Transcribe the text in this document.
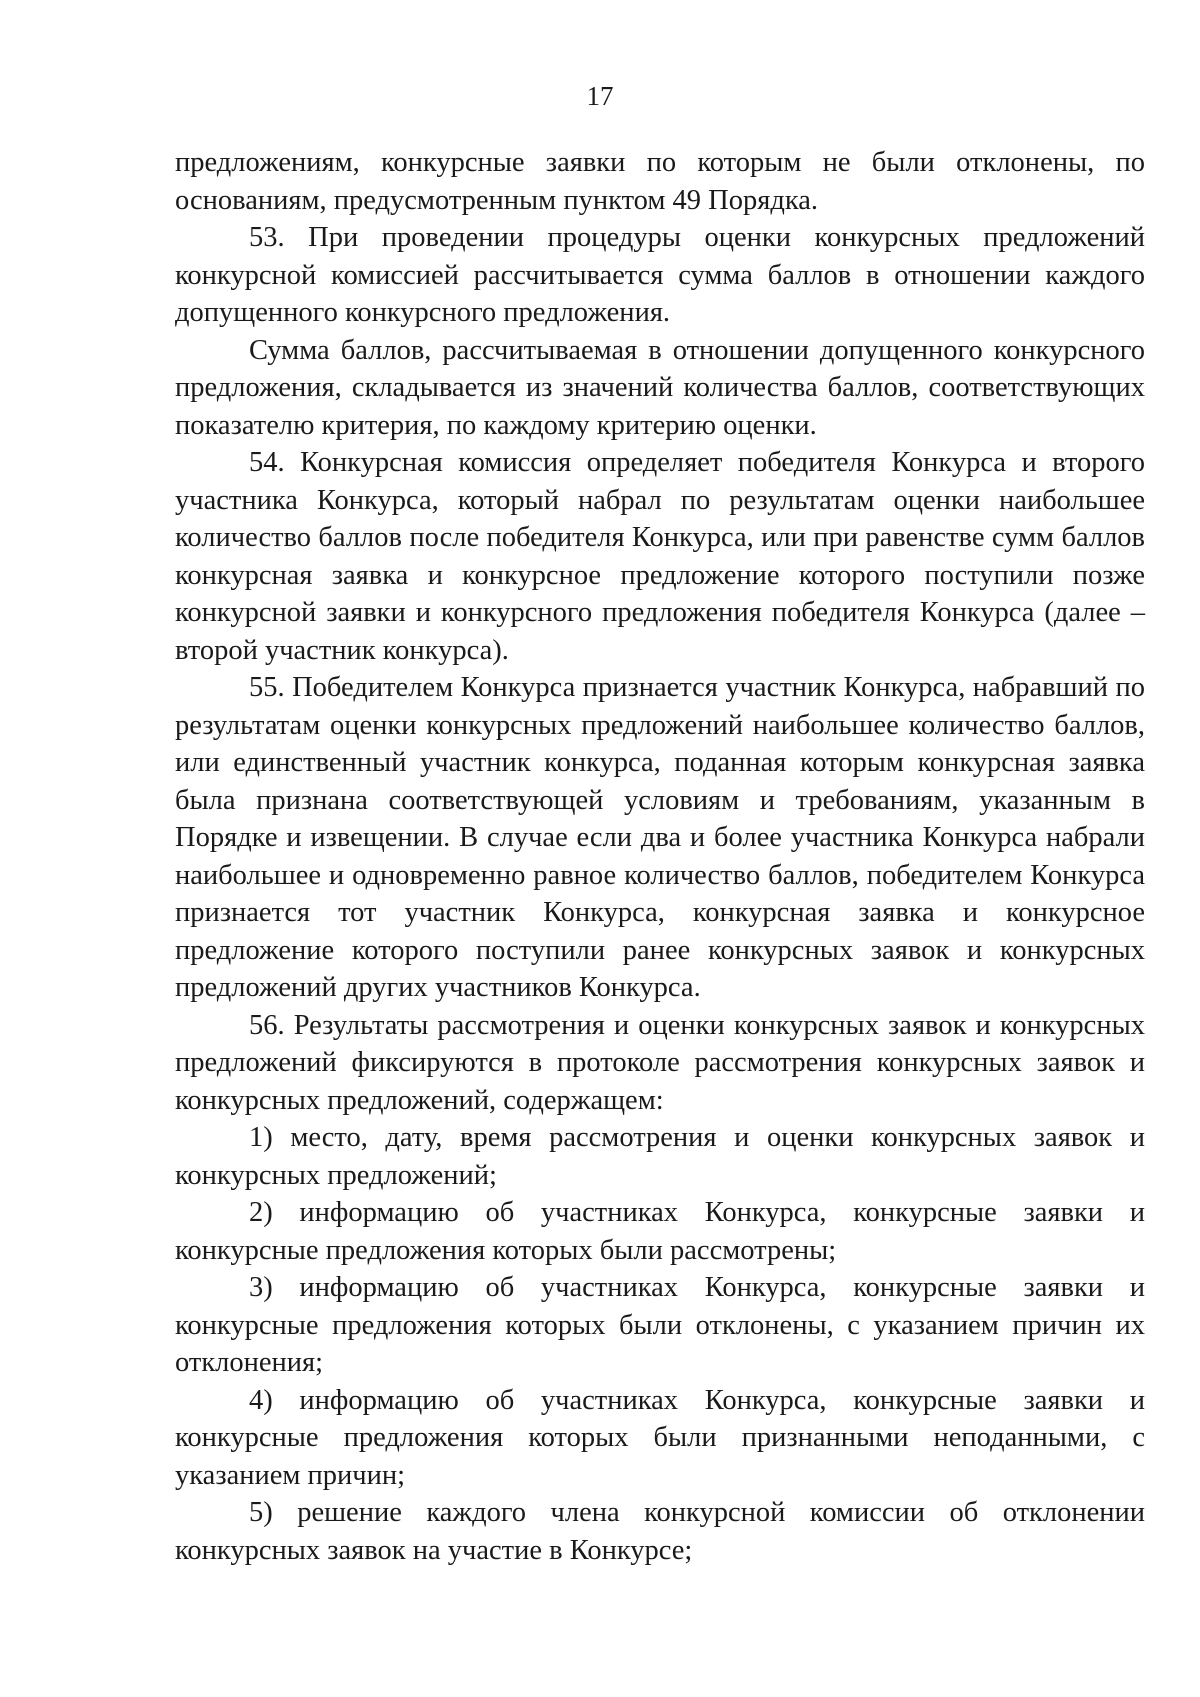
17

предложениям, конкурсные заявки по которым не были отклонены, по основаниям, предусмотренным пунктом 49 Порядка.

53. При проведении процедуры оценки конкурсных предложений конкурсной комиссией рассчитывается сумма баллов в отношении каждого допущенного конкурсного предложения.

Сумма баллов, рассчитываемая в отношении допущенного конкурсного предложения, складывается из значений количества баллов, соответствующих показателю критерия, по каждому критерию оценки.

54. Конкурсная комиссия определяет победителя Конкурса и второго участника Конкурса, который набрал по результатам оценки наибольшее количество баллов после победителя Конкурса, или при равенстве сумм баллов конкурсная заявка и конкурсное предложение которого поступили позже конкурсной заявки и конкурсного предложения победителя Конкурса (далее – второй участник конкурса).

55. Победителем Конкурса признается участник Конкурса, набравший по результатам оценки конкурсных предложений наибольшее количество баллов, или единственный участник конкурса, поданная которым конкурсная заявка была признана соответствующей условиям и требованиям, указанным в Порядке и извещении. В случае если два и более участника Конкурса набрали наибольшее и одновременно равное количество баллов, победителем Конкурса признается тот участник Конкурса, конкурсная заявка и конкурсное предложение которого поступили ранее конкурсных заявок и конкурсных предложений других участников Конкурса.

56. Результаты рассмотрения и оценки конкурсных заявок и конкурсных предложений фиксируются в протоколе рассмотрения конкурсных заявок и конкурсных предложений, содержащем:

1) место, дату, время рассмотрения и оценки конкурсных заявок и конкурсных предложений;

2) информацию об участниках Конкурса, конкурсные заявки и конкурсные предложения которых были рассмотрены;

3) информацию об участниках Конкурса, конкурсные заявки и конкурсные предложения которых были отклонены, с указанием причин их отклонения;

4) информацию об участниках Конкурса, конкурсные заявки и конкурсные предложения которых были признанными неподанными, с указанием причин;

5) решение каждого члена конкурсной комиссии об отклонении конкурсных заявок на участие в Конкурсе;
